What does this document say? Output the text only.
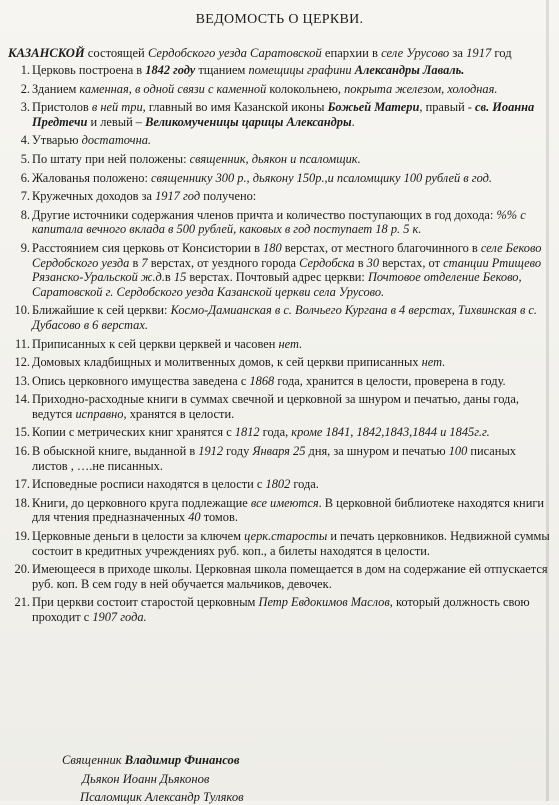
ВЕДОМОСТЬ О ЦЕРКВИ.
КАЗАНСКОЙ состоящей Сердобского уезда Саратовской епархии в селе Урусово за 1917 год
1. Церковь построена в 1842 году тщанием помещицы графини Александры Лаваль.
2. Зданием каменная, в одной связи с каменной колокольнею, покрыта железом, холодная.
3. Пристолов в ней три, главный во имя Казанской иконы Божьей Матери, правый - св. Иоанна Предтечи и левый – Великомученицы царицы Александры.
4. Утварью достаточна.
5. По штату при ней положены: священник, дьякон и псаломщик.
6. Жалованья положено: священнику 300 р., дьякону 150р.,и псаломщику 100 рублей в год.
7. Кружечных доходов за 1917 год получено:
8. Другие источники содержания членов причта и количество поступающих в год дохода: %% с капитала вечного вклада в 500 рублей, каковых в год поступает 18 р. 5 к.
9. Расстоянием сия церковь от Консистории в 180 верстах, от местного благочинного в селе Беково Сердобского уезда в 7 верстах, от уездного города Сердобска в 30 верстах, от станции Ртищево Рязанско-Уральской ж.д.в 15 верстах. Почтовый адрес церкви: Почтовое отделение Беково, Саратовской г. Сердобского уезда Казанской церкви села Урусово.
10. Ближайшие к сей церкви: Космо-Дамианская в с. Волчьего Кургана в 4 верстах, Тихвинская в с. Дубасово в 6 верстах.
11. Приписанных к сей церкви церквей и часовен нет.
12. Домовых кладбищных и молитвенных домов, к сей церкви приписанных нет.
13. Опись церковного имущества заведена с 1868 года, хранится в целости, проверена в году.
14. Приходно-расходные книги в суммах свечной и церковной за шнуром и печатью, даны года, ведутся исправно, хранятся в целости.
15. Копии с метрических книг хранятся с 1812 года, кроме 1841, 1842,1843,1844 и 1845г.г.
16. В обыскной книге, выданной в 1912 году Января 25 дня, за шнуром и печатью 100 писаных листов , ….не писанных.
17. Исповедные росписи находятся в целости с 1802 года.
18. Книги, до церковного круга подлежащие все имеются. В церковной библиотеке находятся книги для чтения предназначенных 40 томов.
19. Церковные деньги в целости за ключем церк.старосты и печать церковников. Недвижной суммы состоит в кредитных учреждениях руб. коп., а билеты находятся в целости.
20. Имеющееся в приходе школы. Церковная школа помещается в дом на содержание ей отпускается руб. коп. В сем году в ней обучается мальчиков, девочек.
21. При церкви состоит старостой церковным Петр Евдокимов Маслов, который должность свою проходит с 1907 года.
Священник Владимир Финансов
Дьякон Иоанн Дьяконов
Псаломщик Александр Туляков
